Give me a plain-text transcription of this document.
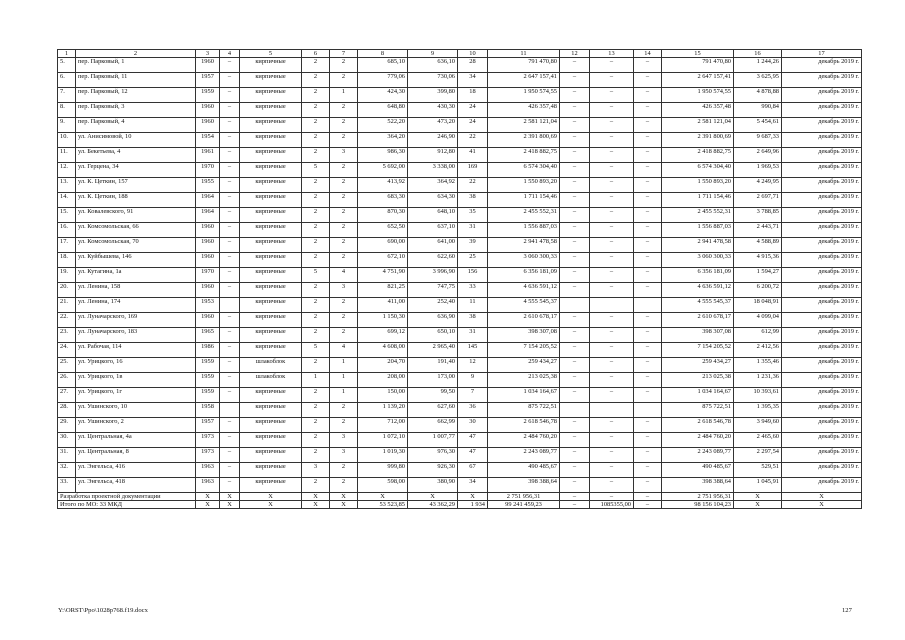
1	2	3	4	5	6	7	8	9	10	11	12	13	14	15	16	17
5.	пер. Парковый, 1	1960	–	кирпичные	2	2	685,10	636,10	28	791 470,80	–	–	–	791 470,80	1 244,26	декабрь 2019 г.
6.	пер. Парковый, 11	1957	–	кирпичные	2	2	779,06	730,06	34	2 647 157,41	–	–	–	2 647 157,41	3 625,95	декабрь 2019 г.
7.	пер. Парковый, 12	1959	–	кирпичные	2	1	424,30	399,80	18	1 950 574,55	–	–	–	1 950 574,55	4 878,88	декабрь 2019 г.
8.	пер. Парковый, 3	1960	–	кирпичные	2	2	648,80	430,30	24	426 357,48	–	–	–	426 357,48	990,84	декабрь 2019 г.
9.	пер. Парковый, 4	1960	–	кирпичные	2	2	522,20	473,20	24	2 581 121,04	–	–	–	2 581 121,04	5 454,61	декабрь 2019 г.
10.	ул. Анисимовой, 10	1954	–	кирпичные	2	2	364,20	246,90	22	2 391 800,69	–	–	–	2 391 800,69	9 687,33	декабрь 2019 г.
11.	ул. Бекетьева, 4	1961	–	кирпичные	2	3	986,30	912,80	41	2 418 882,75	–	–	–	2 418 882,75	2 649,96	декабрь 2019 г.
12.	ул. Герцена, 34	1970	–	кирпичные	5	2	5 692,00	3 338,00	169	6 574 304,40	–	–	–	6 574 304,40	1 969,53	декабрь 2019 г.
13.	ул. К. Цеткин, 157	1955	–	кирпичные	2	2	413,92	364,92	22	1 550 893,20	–	–	–	1 550 893,20	4 249,95	декабрь 2019 г.
14.	ул. К. Цеткин, 188	1964	–	кирпичные	2	2	683,30	634,30	38	1 711 154,46	–	–	–	1 711 154,46	2 697,71	декабрь 2019 г.
15.	ул. Ковалевского, 91	1964	–	кирпичные	2	2	870,30	648,10	35	2 455 552,31	–	–	–	2 455 552,31	3 788,85	декабрь 2019 г.
16.	ул. Комсомольская, 66	1960	–	кирпичные	2	2	652,50	637,10	31	1 556 887,03	–	–	–	1 556 887,03	2 443,71	декабрь 2019 г.
17.	ул. Комсомольская, 70	1960	–	кирпичные	2	2	690,00	641,00	39	2 941 478,58	–	–	–	2 941 478,58	4 588,89	декабрь 2019 г.
18.	ул. Куйбышева, 146	1960	–	кирпичные	2	2	672,10	622,60	25	3 060 300,33	–	–	–	3 060 300,33	4 915,36	декабрь 2019 г.
19.	ул. Кутагина, 1а	1970	–	кирпичные	5	4	4 751,90	3 996,90	156	6 356 181,09	–	–	–	6 356 181,09	1 594,27	декабрь 2019 г.
20.	ул. Ленина, 158	1960	–	кирпичные	2	3	821,25	747,75	33	4 636 591,12	–	–	–	4 636 591,12	6 200,72	декабрь 2019 г.
21.	ул. Ленина, 174	1953		кирпичные	2	2	411,00	252,40	11	4 555 545,37				4 555 545,37	18 048,91	декабрь 2019 г.
22.	ул. Луначарского, 169	1960	–	кирпичные	2	2	1 150,30	636,90	38	2 610 678,17	–	–	–	2 610 678,17	4 099,04	декабрь 2019 г.
23.	ул. Луначарского, 183	1965	–	кирпичные	2	2	699,12	650,10	31	398 307,08	–	–	–	398 307,08	612,99	декабрь 2019 г.
24.	ул. Рабочая, 114	1986	–	кирпичные	5	4	4 608,00	2 965,40	145	7 154 205,52	–	–	–	7 154 205,52	2 412,56	декабрь 2019 г.
25.	ул. Урицкого, 16	1959	–	шлакоблок	2	1	204,70	191,40	12	259 434,27	–	–	–	259 434,27	1 355,46	декабрь 2019 г.
26.	ул. Урицкого, 1в	1959	–	шлакоблок	1	1	208,00	173,00	9	213 025,38	–	–	–	213 025,38	1 231,36	декабрь 2019 г.
27.	ул. Урицкого, 1г	1959	–	кирпичные	2	1	150,00	99,50	7	1 034 164,67	–	–	–	1 034 164,67	10 393,61	декабрь 2019 г.
28.	ул. Ушинского, 10	1958		кирпичные	2	2	1 139,20	627,60	36	875 722,51				875 722,51	1 395,35	декабрь 2019 г.
29.	ул. Ушинского, 2	1957	–	кирпичные	2	2	712,00	662,99	30	2 618 546,78	–	–	–	2 618 546,78	3 949,60	декабрь 2019 г.
30.	ул. Центральная, 4а	1973	–	кирпичные	2	3	1 072,10	1 007,77	47	2 484 760,20	–	–	–	2 484 760,20	2 465,60	декабрь 2019 г.
31.	ул. Центральная, 8	1973	–	кирпичные	2	3	1 019,30	976,30	47	2 243 089,77	–	–	–	2 243 089,77	2 297,54	декабрь 2019 г.
32.	ул. Энгельса, 416	1963	–	кирпичные	3	2	999,80	926,30	67	490 485,67	–	–	–	490 485,67	529,51	декабрь 2019 г.
33.	ул. Энгельса, 418	1963	–	кирпичные	2	2	598,00	380,90	34	398 388,64	–	–	–	398 388,64	1 045,91	декабрь 2019 г.
Разработка проектной документации		X	X	X	X	X	X	X	X	2 751 956,31	–	–	–	2 751 956,31	X	X
Итого по МО: 33 МКД		X	X	X	X	X	53 523,85	43 362,29	1 934	99 241 459,23	–	1085355,00	–	98 156 104,23	X	X
Y:\ORST\Ppo\1028p768.f19.docx	127
